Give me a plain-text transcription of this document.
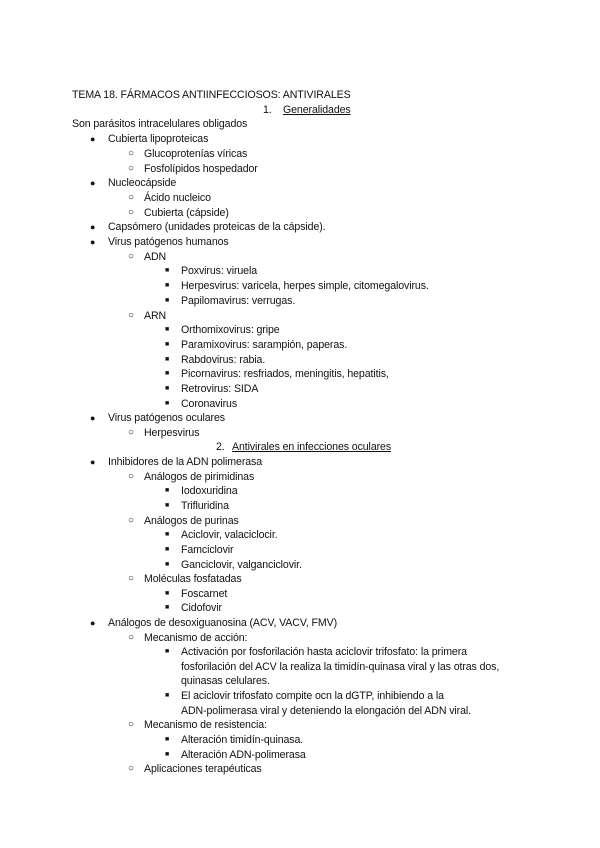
TEMA 18. FÁRMACOS ANTIINFECCIOSOS: ANTIVIRALES
1. Generalidades
Son parásitos intracelulares obligados
● Cubierta lipoproteicas
○ Glucoprotenías víricas
○ Fosfolípidos hospedador
● Nucleocápside
○ Ácido nucleico
○ Cubierta (cápside)
● Capsómero (unidades proteicas de la cápside).
● Virus patógenos humanos
○ ADN
■ Poxvirus: viruela
■ Herpesvirus: varicela, herpes simple, citomegalovirus.
■ Papilomavirus: verrugas.
○ ARN
■ Orthomixovirus: gripe
■ Paramixovirus: sarampión, paperas.
■ Rabdovirus: rabia.
■ Picornavirus: resfriados, meningitis, hepatitis,
■ Retrovirus: SIDA
■ Coronavirus
● Virus patógenos oculares
○ Herpesvirus
2. Antivirales en infecciones oculares
● Inhibidores de la ADN polimerasa
○ Análogos de pirimidinas
■ Iodoxuridina
■ Trifluridina
○ Análogos de purinas
■ Aciclovir, valaciclocir.
■ Famciclovir
■ Ganciclovir, valganciclovir.
○ Moléculas fosfatadas
■ Foscarnet
■ Cidofovir
● Análogos de desoxiguanosina (ACV, VACV, FMV)
○ Mecanismo de acción:
■ Activación por fosforilación hasta aciclovir trifosfato: la primera
fosforilación del ACV la realiza la timidín-quinasa viral y las otras dos,
quinasas celulares.
■ El aciclovir trifosfato compite ocn la dGTP, inhibiendo a la
ADN-polimerasa viral y deteniendo la elongación del ADN viral.
○ Mecanismo de resistencia:
■ Alteración timidín-quinasa.
■ Alteración ADN-polimerasa
○ Aplicaciones terapéuticas
